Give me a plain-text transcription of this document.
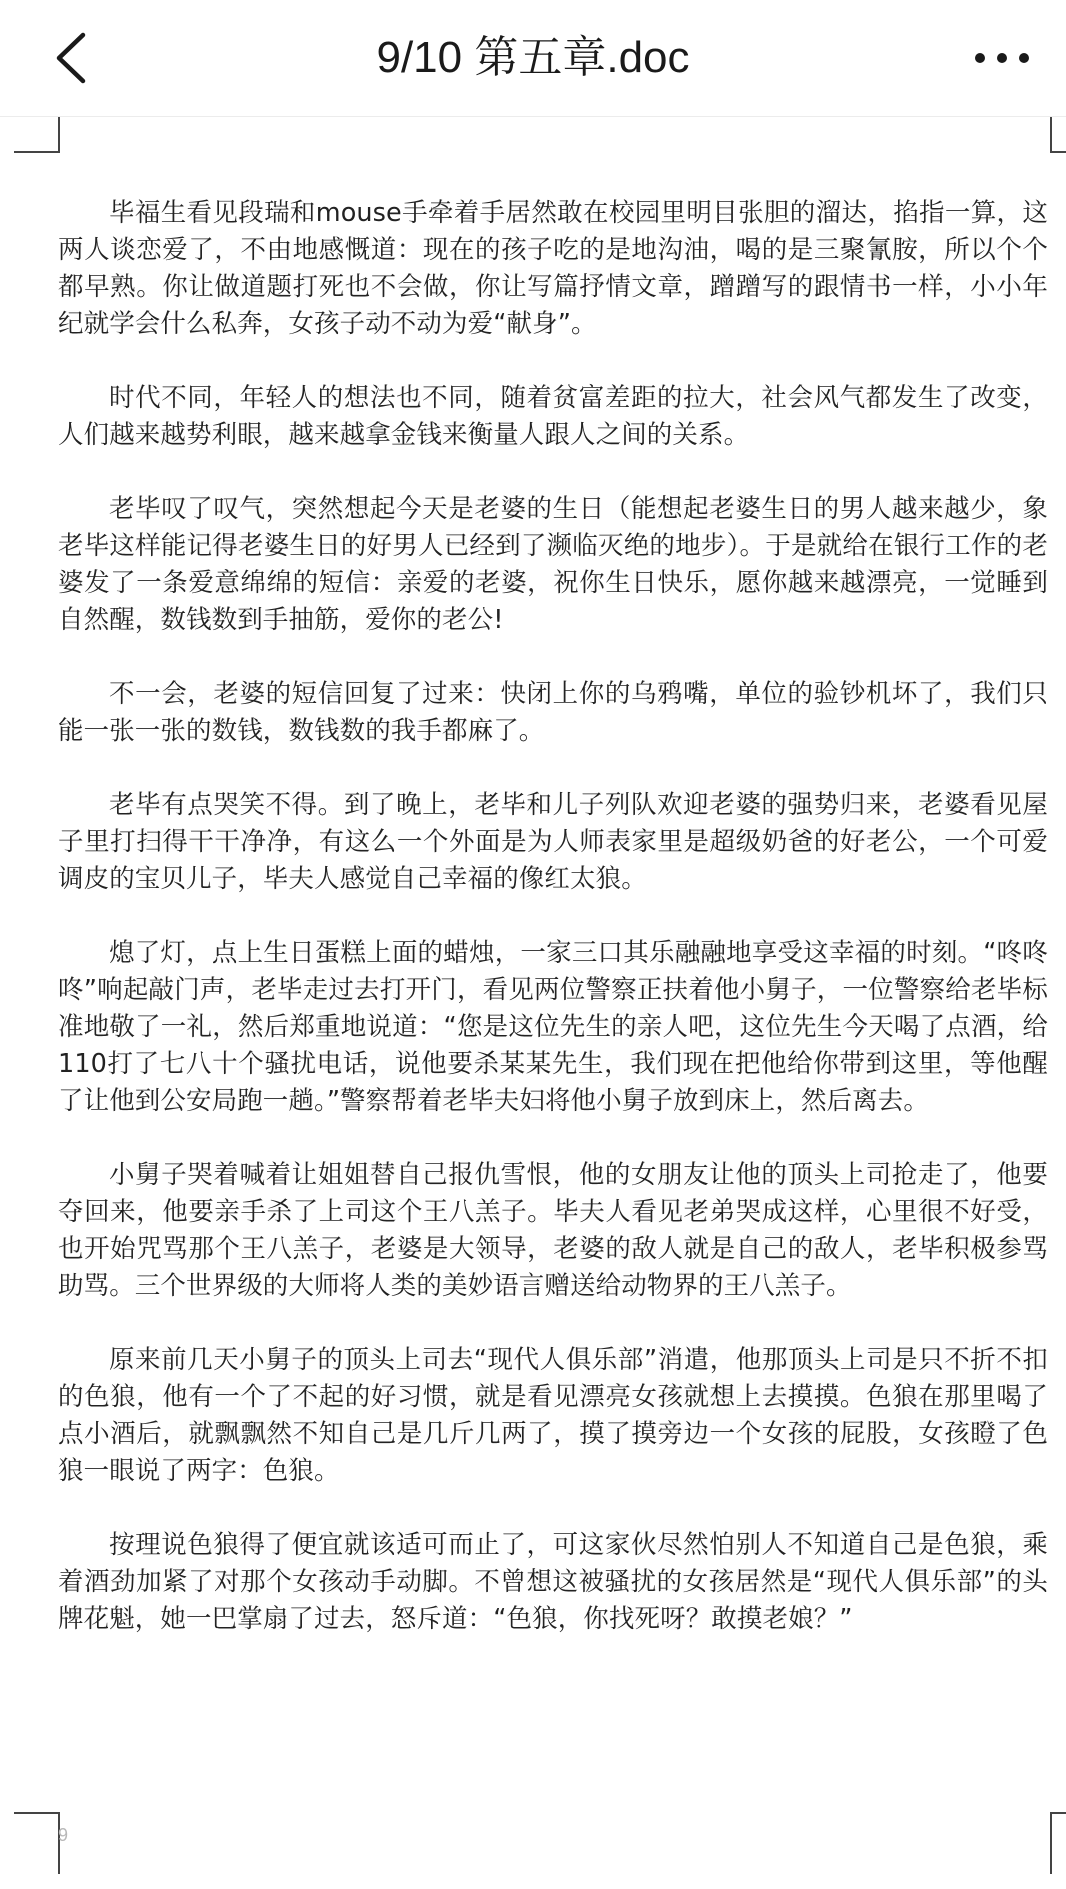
9/10 第五章.doc

毕福生看见段瑞和mouse手牵着手居然敢在校园里明目张胆的溜达，掐指一算，这两人谈恋爱了，不由地感慨道：现在的孩子吃的是地沟油，喝的是三聚氰胺，所以个个都早熟。你让做道题打死也不会做，你让写篇抒情文章，蹭蹭写的跟情书一样，小小年纪就学会什么私奔，女孩子动不动为爱“献身”。

时代不同，年轻人的想法也不同，随着贫富差距的拉大，社会风气都发生了改变，人们越来越势利眼，越来越拿金钱来衡量人跟人之间的关系。

老毕叹了叹气，突然想起今天是老婆的生日（能想起老婆生日的男人越来越少，象老毕这样能记得老婆生日的好男人已经到了濒临灭绝的地步）。于是就给在银行工作的老婆发了一条爱意绵绵的短信：亲爱的老婆，祝你生日快乐，愿你越来越漂亮，一觉睡到自然醒，数钱数到手抽筋，爱你的老公!

不一会，老婆的短信回复了过来：快闭上你的乌鸦嘴，单位的验钞机坏了，我们只能一张一张的数钱，数钱数的我手都麻了。

老毕有点哭笑不得。到了晚上，老毕和儿子列队欢迎老婆的强势归来，老婆看见屋子里打扫得干干净净，有这么一个外面是为人师表家里是超级奶爸的好老公，一个可爱调皮的宝贝儿子，毕夫人感觉自己幸福的像红太狼。

熄了灯，点上生日蛋糕上面的蜡烛，一家三口其乐融融地享受这幸福的时刻。“咚咚咚”响起敲门声，老毕走过去打开门，看见两位警察正扶着他小舅子，一位警察给老毕标准地敬了一礼，然后郑重地说道：“您是这位先生的亲人吧，这位先生今天喝了点酒，给110打了七八十个骚扰电话，说他要杀某某先生，我们现在把他给你带到这里，等他醒了让他到公安局跑一趟。”警察帮着老毕夫妇将他小舅子放到床上，然后离去。

小舅子哭着喊着让姐姐替自己报仇雪恨，他的女朋友让他的顶头上司抢走了，他要夺回来，他要亲手杀了上司这个王八羔子。毕夫人看见老弟哭成这样，心里很不好受，也开始咒骂那个王八羔子，老婆是大领导，老婆的敌人就是自己的敌人，老毕积极参骂助骂。三个世界级的大师将人类的美妙语言赠送给动物界的王八羔子。

原来前几天小舅子的顶头上司去“现代人俱乐部”消遣，他那顶头上司是只不折不扣的色狼，他有一个了不起的好习惯，就是看见漂亮女孩就想上去摸摸。色狼在那里喝了点小酒后，就飘飘然不知自己是几斤几两了，摸了摸旁边一个女孩的屁股，女孩瞪了色狼一眼说了两字：色狼。

按理说色狼得了便宜就该适可而止了，可这家伙尽然怕别人不知道自己是色狼，乘着酒劲加紧了对那个女孩动手动脚。不曾想这被骚扰的女孩居然是“现代人俱乐部”的头牌花魁，她一巴掌扇了过去，怒斥道：“色狼，你找死呀？敢摸老娘？”

9
